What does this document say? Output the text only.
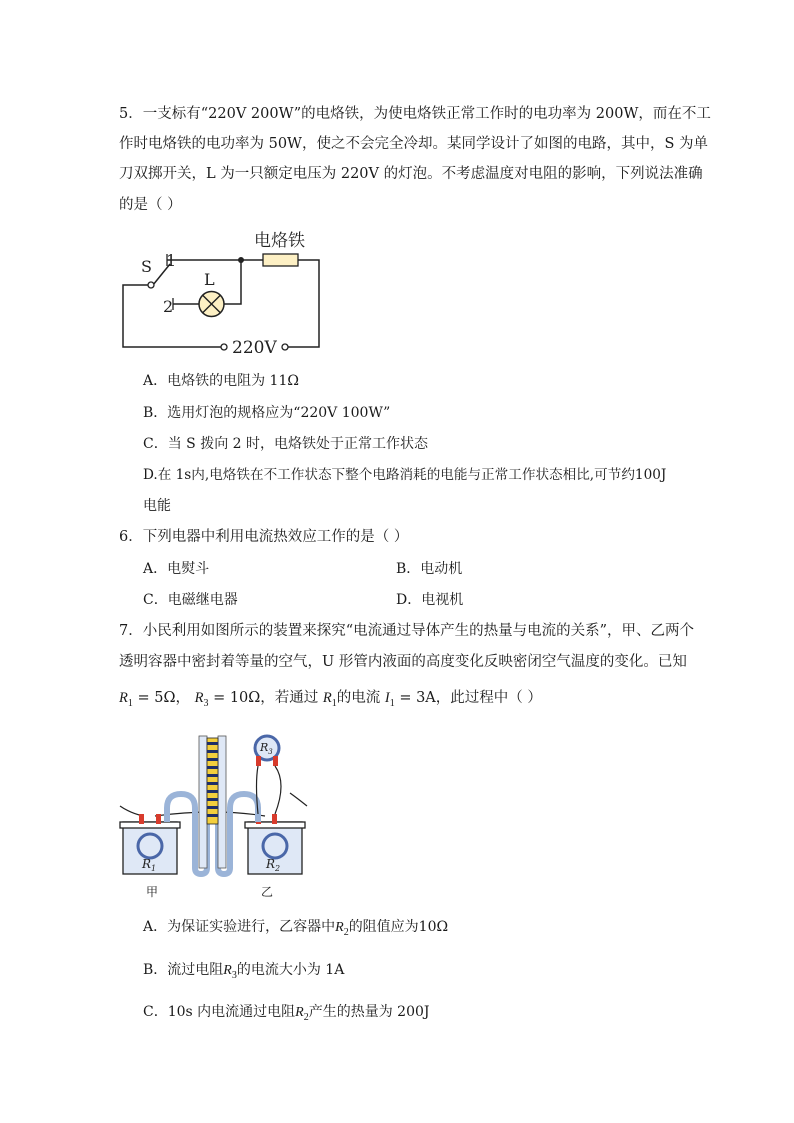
5．一支标有“220V 200W”的电烙铁，为使电烙铁正常工作时的电功率为 200W，而在不工
作时电烙铁的电功率为 50W，使之不会完全冷却。某同学设计了如图的电路，其中，S 为单
刀双掷开关，L 为一只额定电压为 220V 的灯泡。不考虑温度对电阻的影响，下列说法准确
的是（ ）
电烙铁
S 1
2
L
220V
A．电烙铁的电阻为 11Ω
B．选用灯泡的规格应为“220V 100W”
C．当 S 拨向 2 时，电烙铁处于正常工作状态
D.在 1s内,电烙铁在不工作状态下整个电路消耗的电能与正常工作状态相比,可节约100J
电能
6．下列电器中利用电流热效应工作的是（ ）
A．电熨斗	B．电动机
C．电磁继电器	D．电视机
7．小民利用如图所示的装置来探究“电流通过导体产生的热量与电流的关系”，甲、乙两个
透明容器中密封着等量的空气，U 形管内液面的高度变化反映密闭空气温度的变化。已知
$R_1 = 5\Omega$， $R_3 = 10\Omega$，若通过 $R_1$的电流 $I_1 = 3A$，此过程中（ ）
$R_1$	$R_2$
$R_3$
甲	乙
A．为保证实验进行，乙容器中$R_2$的阻值应为10Ω
B．流过电阻$R_3$的电流大小为 1A
C．10s 内电流通过电阻$R_2$产生的热量为 200J
